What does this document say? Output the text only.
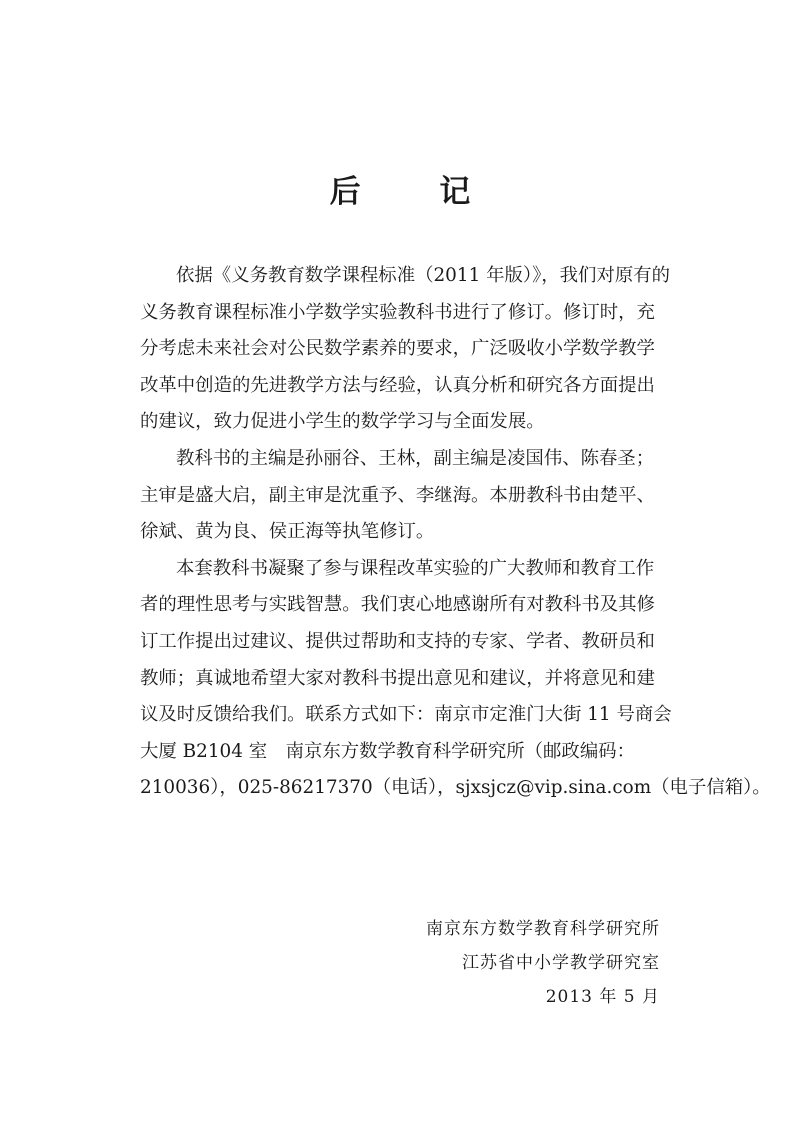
后 记
依据《义务教育数学课程标准（2011 年版）》，我们对原有的
义务教育课程标准小学数学实验教科书进行了修订。修订时，充
分考虑未来社会对公民数学素养的要求，广泛吸收小学数学教学
改革中创造的先进教学方法与经验，认真分析和研究各方面提出
的建议，致力促进小学生的数学学习与全面发展。
教科书的主编是孙丽谷、王林，副主编是凌国伟、陈春圣；
主审是盛大启，副主审是沈重予、李继海。本册教科书由楚平、
徐斌、黄为良、侯正海等执笔修订。
本套教科书凝聚了参与课程改革实验的广大教师和教育工作
者的理性思考与实践智慧。我们衷心地感谢所有对教科书及其修
订工作提出过建议、提供过帮助和支持的专家、学者、教研员和
教师；真诚地希望大家对教科书提出意见和建议，并将意见和建
议及时反馈给我们。联系方式如下：南京市定淮门大街 11 号商会
大厦 B2104 室　南京东方数学教育科学研究所（邮政编码：
210036），025-86217370（电话），sjxsjcz@vip.sina.com（电子信箱）。
南京东方数学教育科学研究所
江苏省中小学教学研究室
2013 年 5 月
